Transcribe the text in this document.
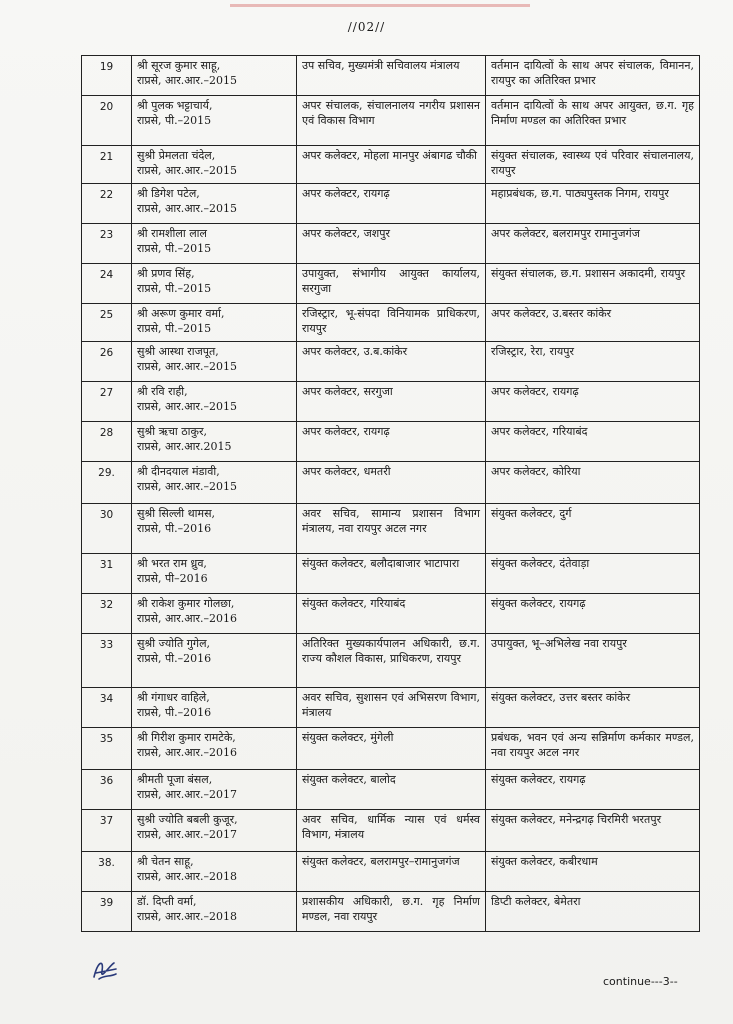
//02//
19	श्री सूरज कुमार साहू,
राप्रसे, आर.आर.–2015	उप सचिव, मुख्यमंत्री सचिवालय मंत्रालय	वर्तमान दायित्वों के साथ अपर संचालक, विमानन, रायपुर का अतिरिक्त प्रभार
20	श्री पुलक भट्टाचार्य,
राप्रसे, पी.–2015	अपर संचालक, संचालनालय नगरीय प्रशासन एवं विकास विभाग	वर्तमान दायित्वों के साथ अपर आयुक्त, छ.ग. गृह निर्माण मण्डल का अतिरिक्त प्रभार
21	सुश्री प्रेमलता चंदेल,
राप्रसे, आर.आर.–2015	अपर कलेक्टर, मोहला मानपुर अंबागढ चौकी	संयुक्त संचालक, स्वास्थ्य एवं परिवार संचालनालय, रायपुर
22	श्री डिगेश पटेल,
राप्रसे, आर.आर.–2015	अपर कलेक्टर, रायगढ़	महाप्रबंधक, छ.ग. पाठ्यपुस्तक निगम, रायपुर
23	श्री रामशीला लाल
राप्रसे, पी.–2015	अपर कलेक्टर, जशपुर	अपर कलेक्टर, बलरामपुर रामानुजगंज
24	श्री प्रणव सिंह,
राप्रसे, पी.–2015	उपायुक्त, संभागीय आयुक्त कार्यालय, सरगुजा	संयुक्त संचालक, छ.ग. प्रशासन अकादमी, रायपुर
25	श्री अरूण कुमार वर्मा,
राप्रसे, पी.–2015	रजिस्ट्रार, भू-संपदा विनियामक प्राधिकरण, रायपुर	अपर कलेक्टर, उ.बस्तर कांकेर
26	सुश्री आस्था राजपूत,
राप्रसे, आर.आर.–2015	अपर कलेक्टर, उ.ब.कांकेर	रजिस्ट्रार, रेरा, रायपुर
27	श्री रवि राही,
राप्रसे, आर.आर.–2015	अपर कलेक्टर, सरगुजा	अपर कलेक्टर, रायगढ़
28	सुश्री ऋचा ठाकुर,
राप्रसे, आर.आर.2015	अपर कलेक्टर, रायगढ़	अपर कलेक्टर, गरियाबंद
29.	श्री दीनदयाल मंडावी,
राप्रसे, आर.आर.–2015	अपर कलेक्टर, धमतरी	अपर कलेक्टर, कोरिया
30	सुश्री सिल्ली थामस,
राप्रसे, पी.–2016	अवर सचिव, सामान्य प्रशासन विभाग मंत्रालय, नवा रायपुर अटल नगर	संयुक्त कलेक्टर, दुर्ग
31	श्री भरत राम ध्रुव,
राप्रसे, पी–2016	संयुक्त कलेक्टर, बलौदाबाजार भाटापारा	संयुक्त कलेक्टर, दंतेवाड़ा
32	श्री राकेश कुमार गोलछा,
राप्रसे, आर.आर.–2016	संयुक्त कलेक्टर, गरियाबंद	संयुक्त कलेक्टर, रायगढ़
33	सुश्री ज्योति गुगेल,
राप्रसे, पी.–2016	अतिरिक्त मुख्यकार्यपालन अधिकारी, छ.ग. राज्य कौशल विकास, प्राधिकरण, रायपुर	उपायुक्त, भू–अभिलेख नवा रायपुर
34	श्री गंगाधर वाहिले,
राप्रसे, पी.–2016	अवर सचिव, सुशासन एवं अभिसरण विभाग, मंत्रालय	संयुक्त कलेक्टर, उत्तर बस्तर कांकेर
35	श्री गिरीश कुमार रामटेके,
राप्रसे, आर.आर.–2016	संयुक्त कलेक्टर, मुंगेली	प्रबंधक, भवन एवं अन्य सन्निर्माण कर्मकार मण्डल, नवा रायपुर अटल नगर
36	श्रीमती पूजा बंसल,
राप्रसे, आर.आर.–2017	संयुक्त कलेक्टर, बालोद	संयुक्त कलेक्टर, रायगढ़
37	सुश्री ज्योति बबली कुजूर,
राप्रसे, आर.आर.–2017	अवर सचिव, धार्मिक न्यास एवं धर्मस्व विभाग, मंत्रालय	संयुक्त कलेक्टर, मनेन्द्रगढ़ चिरमिरी भरतपुर
38.	श्री चेतन साहू,
राप्रसे, आर.आर.–2018	संयुक्त कलेक्टर, बलरामपुर–रामानुजगंज	संयुक्त कलेक्टर, कबीरधाम
39	डॉ. दिप्ती वर्मा,
राप्रसे, आर.आर.–2018	प्रशासकीय अधिकारी, छ.ग. गृह निर्माण मण्डल, नवा रायपुर	डिप्टी कलेक्टर, बेमेतरा
continue---3--
